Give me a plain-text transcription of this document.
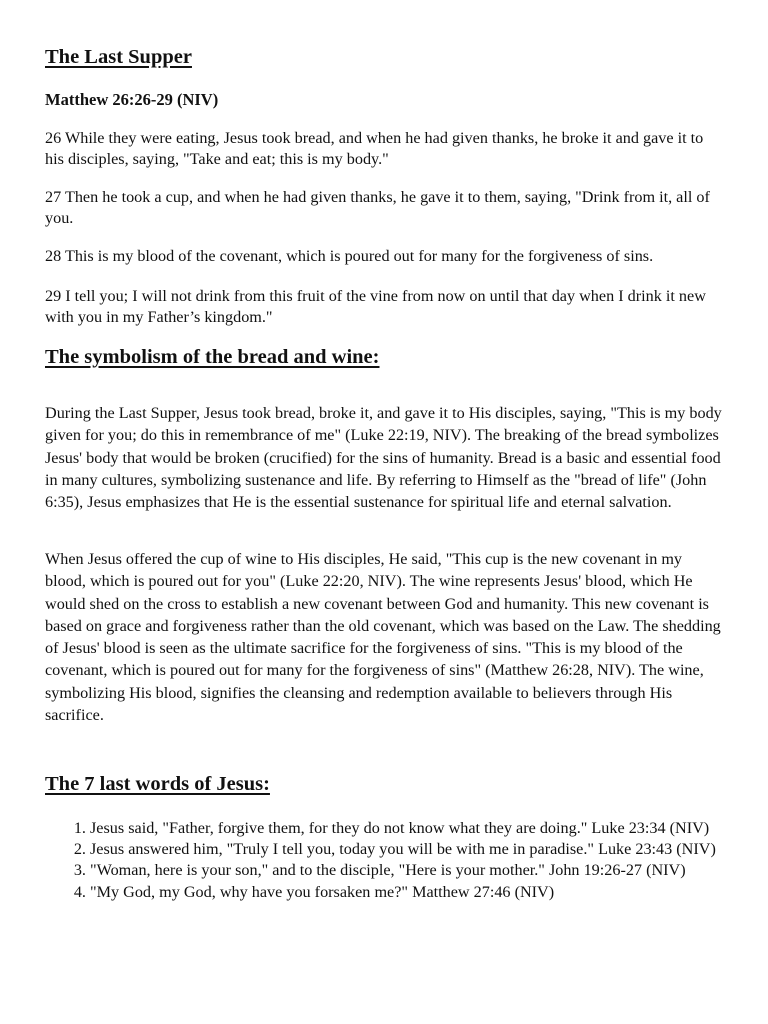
The Last Supper
Matthew 26:26-29 (NIV)

26 While they were eating, Jesus took bread, and when he had given thanks, he broke it and gave it to his disciples, saying, "Take and eat; this is my body."

27 Then he took a cup, and when he had given thanks, he gave it to them, saying, "Drink from it, all of you.

28 This is my blood of the covenant, which is poured out for many for the forgiveness of sins.

29 I tell you; I will not drink from this fruit of the vine from now on until that day when I drink it new with you in my Father’s kingdom."

The symbolism of the bread and wine:

During the Last Supper, Jesus took bread, broke it, and gave it to His disciples, saying, "This is my body given for you; do this in remembrance of me" (Luke 22:19, NIV). The breaking of the bread symbolizes Jesus' body that would be broken (crucified) for the sins of humanity. Bread is a basic and essential food in many cultures, symbolizing sustenance and life. By referring to Himself as the "bread of life" (John 6:35), Jesus emphasizes that He is the essential sustenance for spiritual life and eternal salvation.

When Jesus offered the cup of wine to His disciples, He said, "This cup is the new covenant in my blood, which is poured out for you" (Luke 22:20, NIV). The wine represents Jesus' blood, which He would shed on the cross to establish a new covenant between God and humanity. This new covenant is based on grace and forgiveness rather than the old covenant, which was based on the Law. The shedding of Jesus' blood is seen as the ultimate sacrifice for the forgiveness of sins. "This is my blood of the covenant, which is poured out for many for the forgiveness of sins" (Matthew 26:28, NIV). The wine, symbolizing His blood, signifies the cleansing and redemption available to believers through His sacrifice.

The 7 last words of Jesus:
1. Jesus said, "Father, forgive them, for they do not know what they are doing." Luke 23:34 (NIV)
2. Jesus answered him, "Truly I tell you, today you will be with me in paradise." Luke 23:43 (NIV)
3. "Woman, here is your son," and to the disciple, "Here is your mother." John 19:26-27 (NIV)
4. "My God, my God, why have you forsaken me?" Matthew 27:46 (NIV)
